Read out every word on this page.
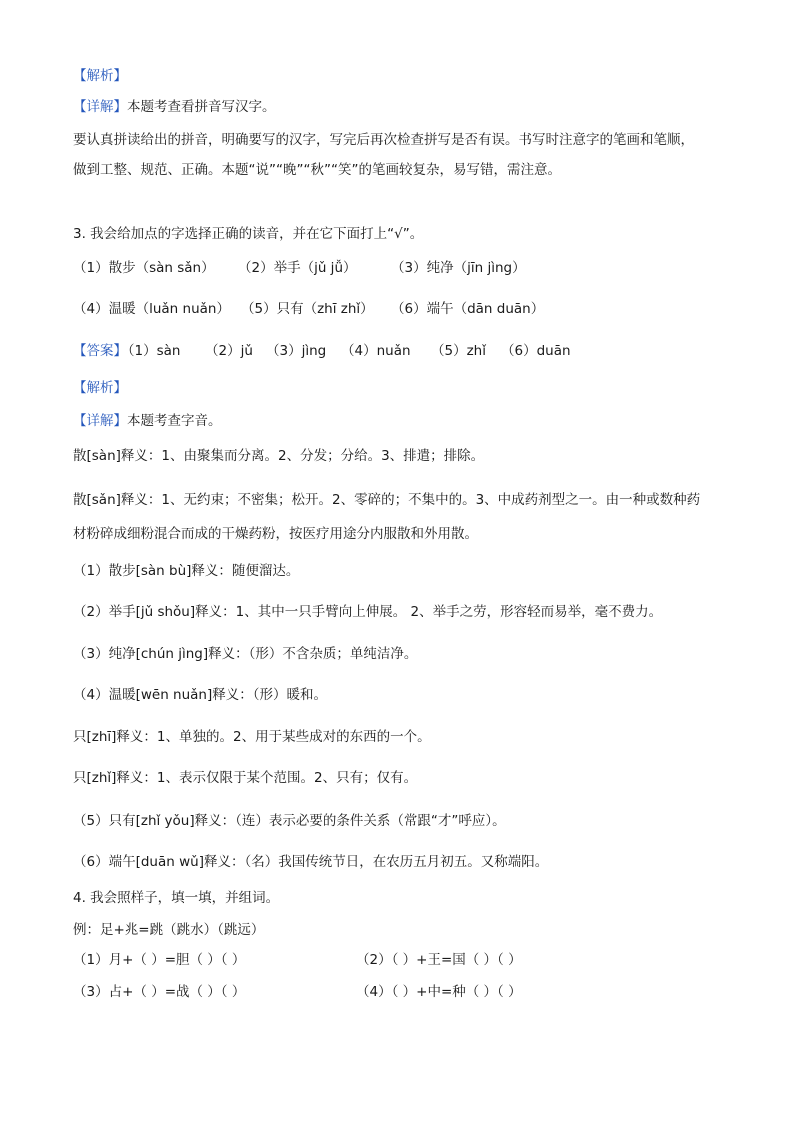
【解析】
【详解】本题考查看拼音写汉字。
要认真拼读给出的拼音，明确要写的汉字，写完后再次检查拼写是否有误。书写时注意字的笔画和笔顺，
做到工整、规范、正确。本题“说”“晚”“秋”“笑”的笔画较复杂，易写错，需注意。
3. 我会给加点的字选择正确的读音，并在它下面打上“√”。
（1）散步（sàn sǎn） （2）举手（jǔ jǚ）	（3）纯净（jīn jìng）
（4）温暖（luǎn nuǎn） （5）只有（zhī zhǐ） （6）端午（dān duān）
【答案】
（1）sàn （2）jǔ （3）jìng （4）nuǎn （5）zhǐ （6）duān
【解析】
【详解】本题考查字音。
散[sàn]释义：1、由聚集而分离。2、分发；分给。3、排遣；排除。
散[sǎn]释义：1、无约束；不密集；松开。2、零碎的；不集中的。3、中成药剂型之一。由一种或数种药
材粉碎成细粉混合而成的干燥药粉，按医疗用途分内服散和外用散。
（1）散步[sàn bù]释义：随便溜达。
（2）举手[jǔ shǒu]释义：1、其中一只手臂向上伸展。 2、举手之劳，形容轻而易举，毫不费力。
（3）纯净[chún jìng]释义：（形）不含杂质；单纯洁净。
（4）温暖[wēn nuǎn]释义：（形）暖和。
只[zhī]释义：1、单独的。2、用于某些成对的东西的一个。
只[zhǐ]释义：1、表示仅限于某个范围。2、只有；仅有。
（5）只有[zhǐ yǒu]释义：（连）表示必要的条件关系（常跟“才”呼应）。
（6）端午[duān wǔ]释义：（名）我国传统节日，在农历五月初五。又称端阳。
4. 我会照样子，填一填，并组词。
例：足+兆=跳（跳水）（跳远）
（1）月+（ ）=胆（ ）（ ）	（2）（ ）+王=国（ ）（ ）
（3）占+（ ）=战（ ）（ ）	（4）（ ）+中=种（ ）（ ）
